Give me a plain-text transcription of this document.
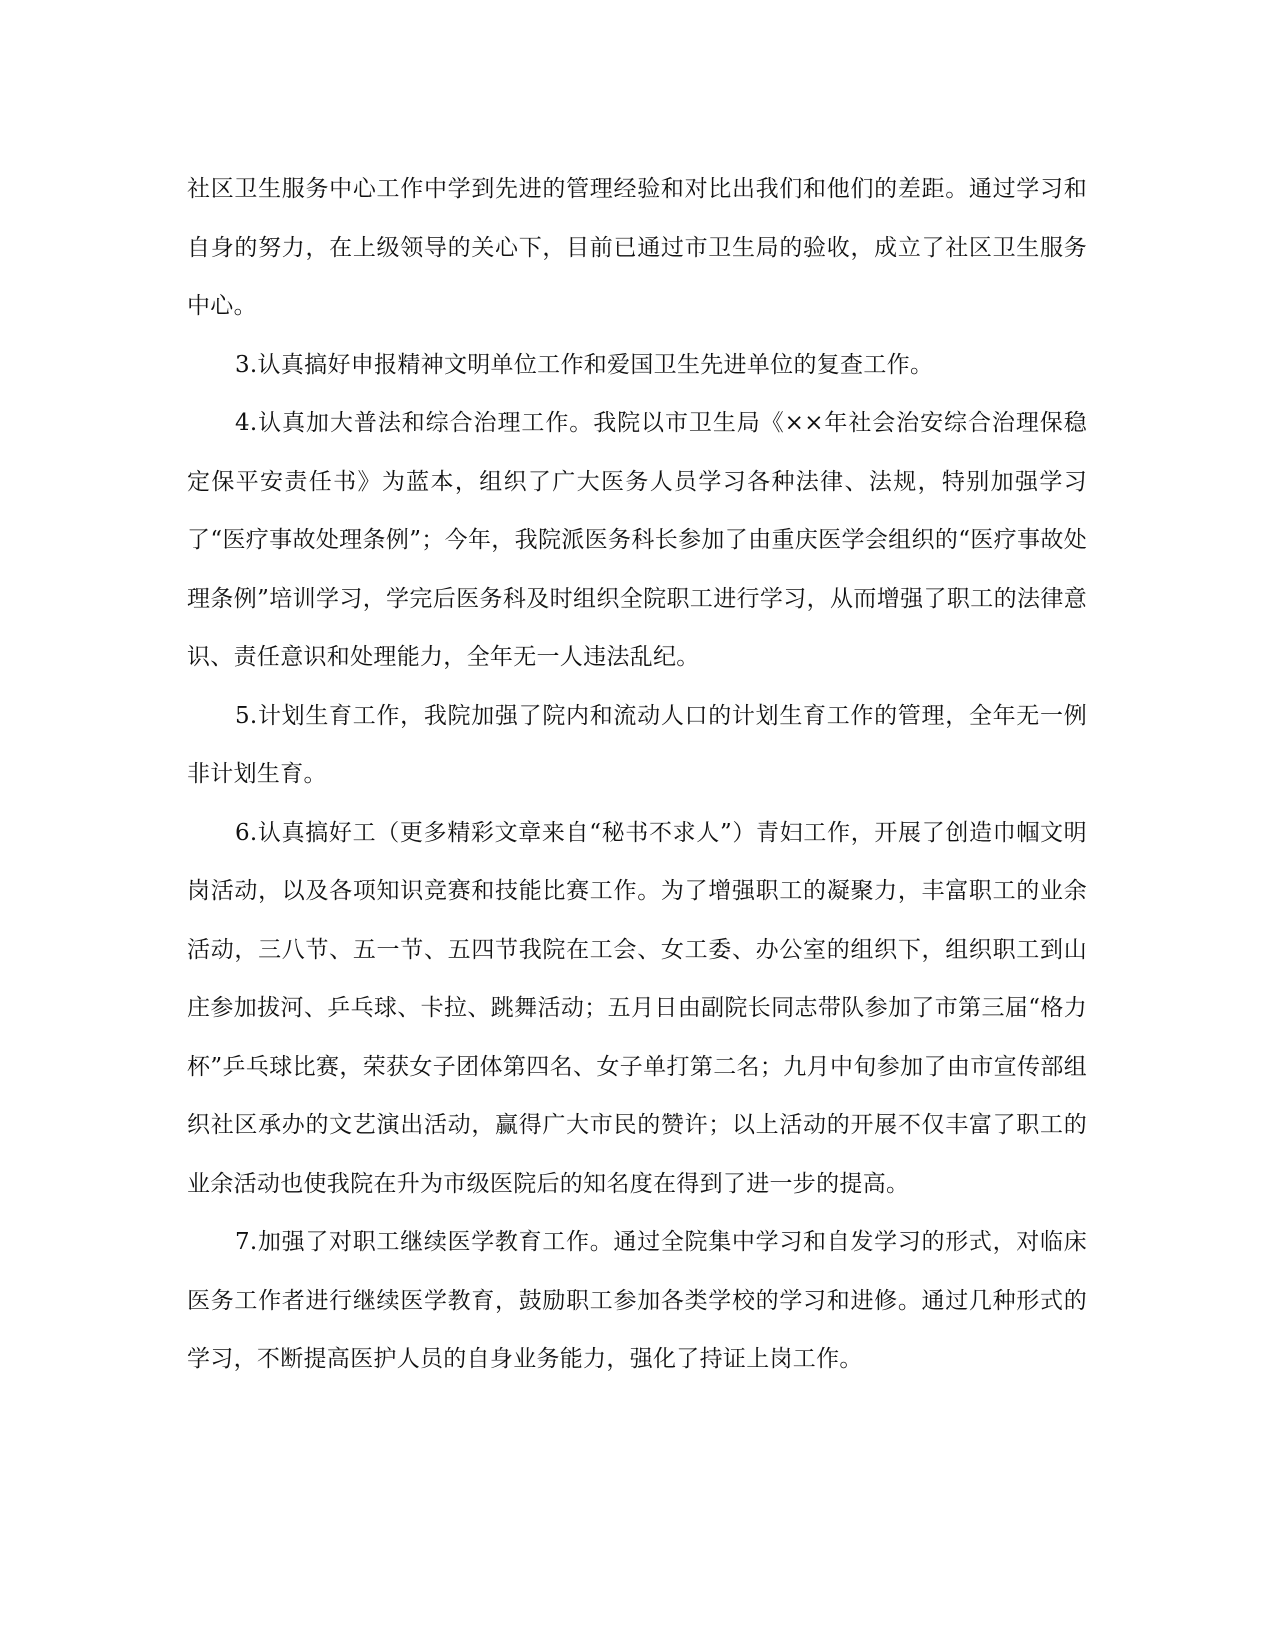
社区卫生服务中心工作中学到先进的管理经验和对比出我们和他们的差距。通过学习和自身的努力，在上级领导的关心下，目前已通过市卫生局的验收，成立了社区卫生服务中心。

3.认真搞好申报精神文明单位工作和爱国卫生先进单位的复查工作。

4.认真加大普法和综合治理工作。我院以市卫生局《××年社会治安综合治理保稳定保平安责任书》为蓝本，组织了广大医务人员学习各种法律、法规，特别加强学习了“医疗事故处理条例”；今年，我院派医务科长参加了由重庆医学会组织的“医疗事故处理条例”培训学习，学完后医务科及时组织全院职工进行学习，从而增强了职工的法律意识、责任意识和处理能力，全年无一人违法乱纪。

5.计划生育工作，我院加强了院内和流动人口的计划生育工作的管理，全年无一例非计划生育。

6.认真搞好工（更多精彩文章来自“秘书不求人”）青妇工作，开展了创造巾帼文明岗活动，以及各项知识竞赛和技能比赛工作。为了增强职工的凝聚力，丰富职工的业余活动，三八节、五一节、五四节我院在工会、女工委、办公室的组织下，组织职工到山庄参加拔河、乒乓球、卡拉、跳舞活动；五月日由副院长同志带队参加了市第三届“格力杯”乒乓球比赛，荣获女子团体第四名、女子单打第二名；九月中旬参加了由市宣传部组织社区承办的文艺演出活动，赢得广大市民的赞许；以上活动的开展不仅丰富了职工的业余活动也使我院在升为市级医院后的知名度在得到了进一步的提高。

7.加强了对职工继续医学教育工作。通过全院集中学习和自发学习的形式，对临床医务工作者进行继续医学教育，鼓励职工参加各类学校的学习和进修。通过几种形式的学习，不断提高医护人员的自身业务能力，强化了持证上岗工作。
